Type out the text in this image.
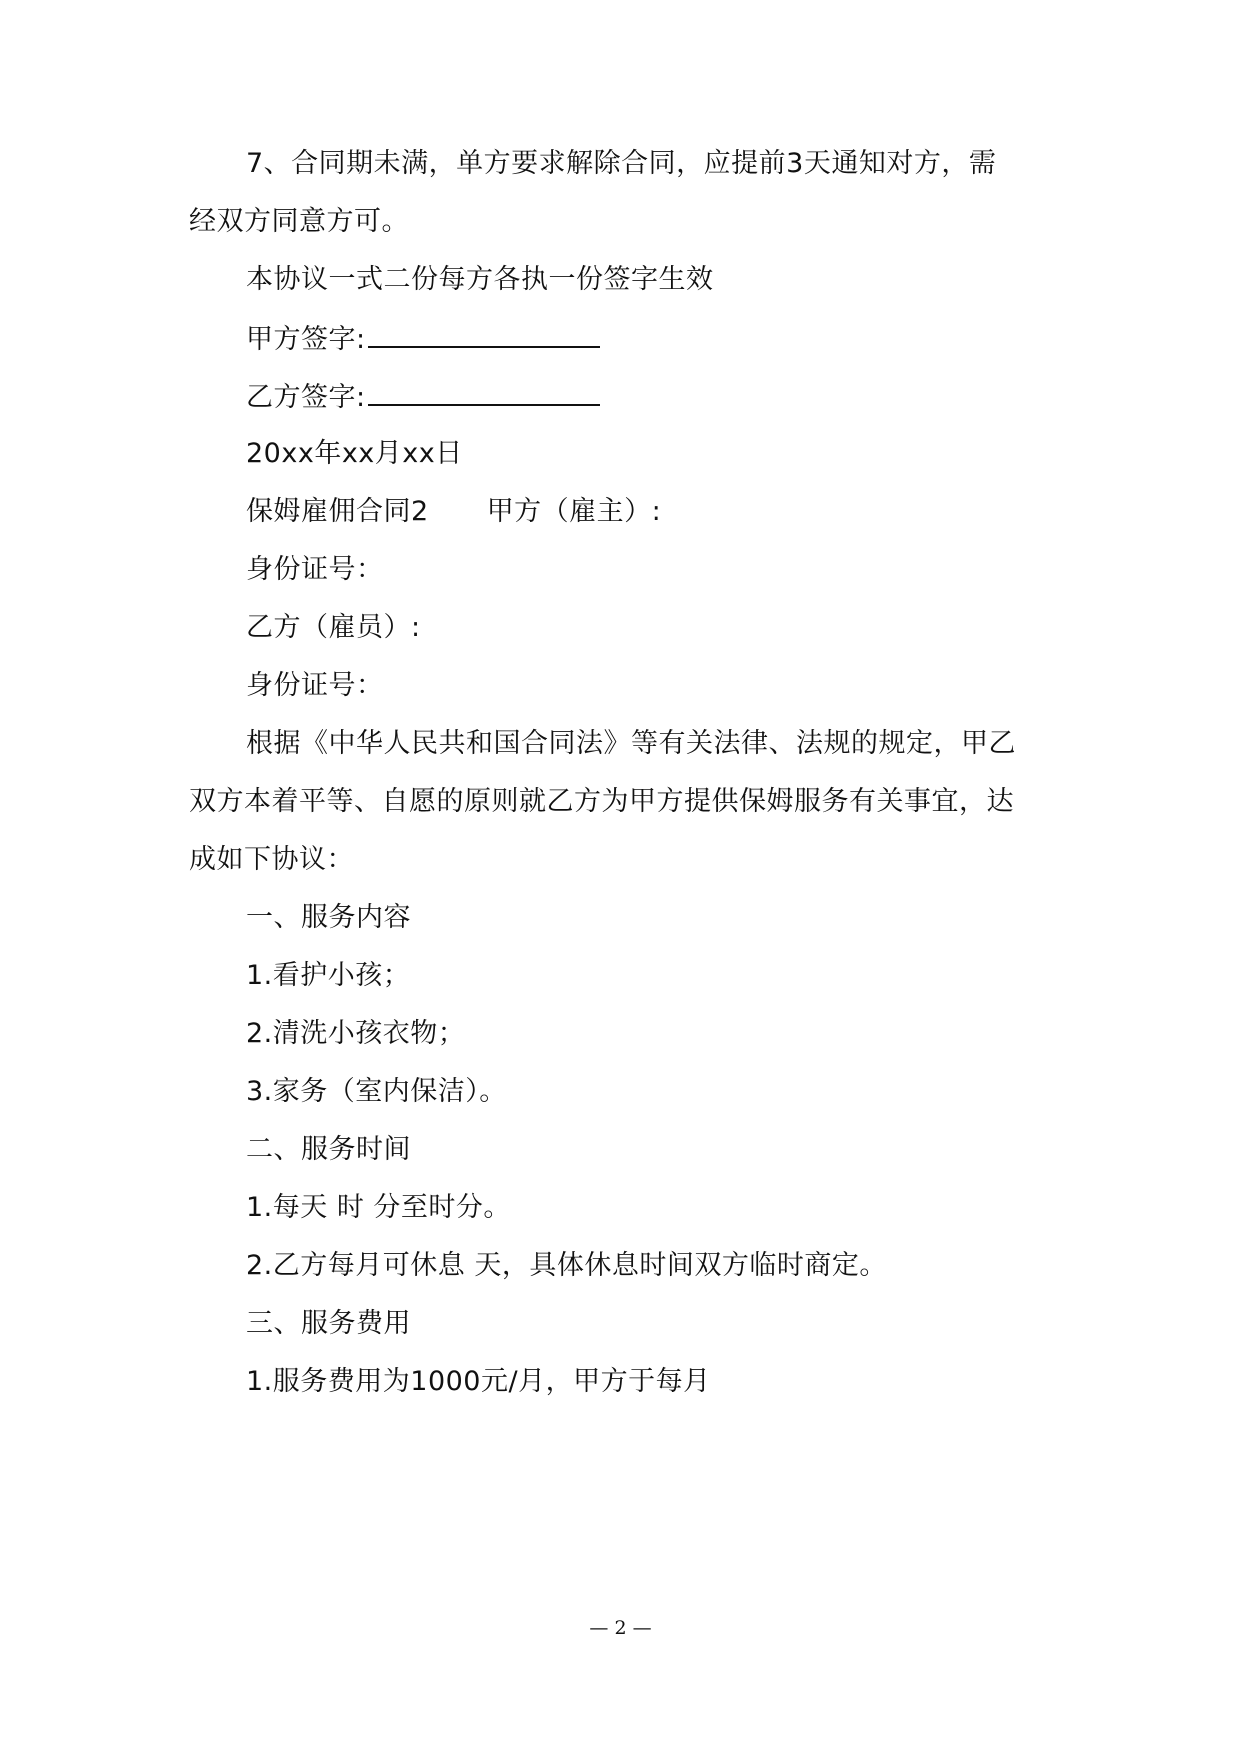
7、合同期未满，单方要求解除合同，应提前3天通知对方，需
经双方同意方可。
本协议一式二份每方各执一份签字生效
甲方签字:
乙方签字:
20xx年xx月xx日
保姆雇佣合同2 甲方（雇主）:
身份证号：
乙方（雇员）:
身份证号：
根据《中华人民共和国合同法》等有关法律、法规的规定，甲乙
双方本着平等、自愿的原则就乙方为甲方提供保姆服务有关事宜，达
成如下协议：
一、服务内容
1.看护小孩；
2.清洗小孩衣物；
3.家务（室内保洁）。
二、服务时间
1.每天 时 分至时分。
2.乙方每月可休息 天，具体休息时间双方临时商定。
三、服务费用
1.服务费用为1000元/月，甲方于每月
— 2 —
